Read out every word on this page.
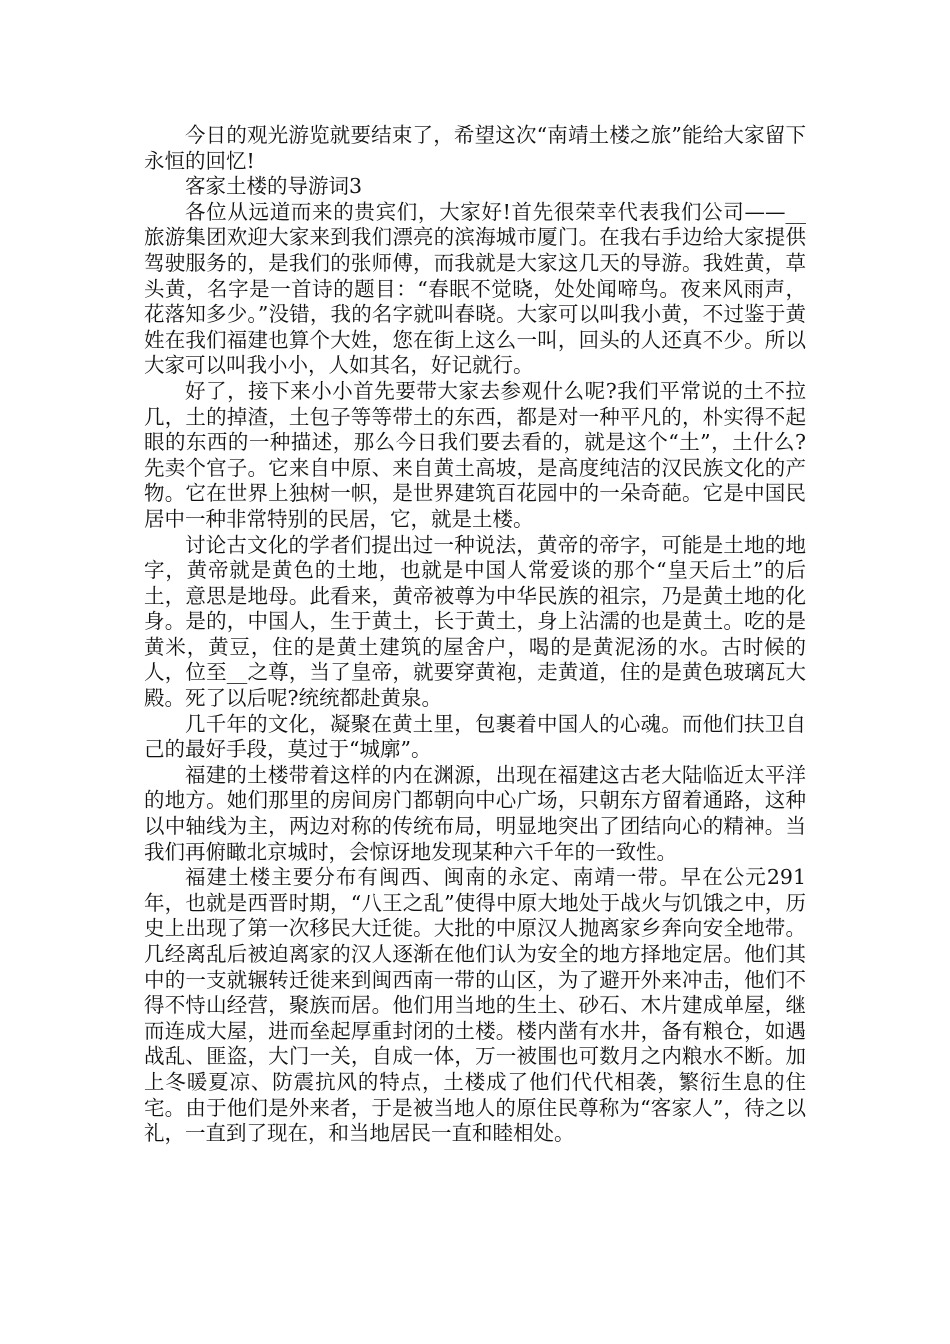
今日的观光游览就要结束了，希望这次“南靖土楼之旅”能给大家留下永恒的回忆!

客家土楼的导游词3

各位从远道而来的贵宾们，大家好!首先很荣幸代表我们公司——__旅游集团欢迎大家来到我们漂亮的滨海城市厦门。在我右手边给大家提供驾驶服务的，是我们的张师傅，而我就是大家这几天的导游。我姓黄，草头黄，名字是一首诗的题目：“春眠不觉晓，处处闻啼鸟。夜来风雨声，花落知多少。”没错，我的名字就叫春晓。大家可以叫我小黄，不过鉴于黄姓在我们福建也算个大姓，您在街上这么一叫，回头的人还真不少。所以大家可以叫我小小，人如其名，好记就行。

好了，接下来小小首先要带大家去参观什么呢?我们平常说的土不拉几，土的掉渣，土包子等等带土的东西，都是对一种平凡的，朴实得不起眼的东西的一种描述，那么今日我们要去看的，就是这个“土”，土什么?先卖个官子。它来自中原、来自黄土高坡，是高度纯洁的汉民族文化的产物。它在世界上独树一帜，是世界建筑百花园中的一朵奇葩。它是中国民居中一种非常特别的民居，它，就是土楼。

讨论古文化的学者们提出过一种说法，黄帝的帝字，可能是土地的地字，黄帝就是黄色的土地，也就是中国人常爱谈的那个“皇天后土”的后土，意思是地母。此看来，黄帝被尊为中华民族的祖宗，乃是黄土地的化身。是的，中国人，生于黄土，长于黄土，身上沾濡的也是黄土。吃的是黄米，黄豆，住的是黄土建筑的屋舍户，喝的是黄泥汤的水。古时候的人，位至__之尊，当了皇帝，就要穿黄袍，走黄道，住的是黄色玻璃瓦大殿。死了以后呢?统统都赴黄泉。

几千年的文化，凝聚在黄土里，包裹着中国人的心魂。而他们扶卫自己的最好手段，莫过于“城廓”。

福建的土楼带着这样的内在渊源，出现在福建这古老大陆临近太平洋的地方。她们那里的房间房门都朝向中心广场，只朝东方留着通路，这种以中轴线为主，两边对称的传统布局，明显地突出了团结向心的精神。当我们再俯瞰北京城时，会惊讶地发现某种六千年的一致性。

福建土楼主要分布有闽西、闽南的永定、南靖一带。早在公元291年，也就是西晋时期，“八王之乱”使得中原大地处于战火与饥饿之中，历史上出现了第一次移民大迁徙。大批的中原汉人抛离家乡奔向安全地带。几经离乱后被迫离家的汉人逐渐在他们认为安全的地方择地定居。他们其中的一支就辗转迁徙来到闽西南一带的山区，为了避开外来冲击，他们不得不恃山经营，聚族而居。他们用当地的生土、砂石、木片建成单屋，继而连成大屋，进而垒起厚重封闭的土楼。楼内凿有水井，备有粮仓，如遇战乱、匪盗，大门一关，自成一体，万一被围也可数月之内粮水不断。加上冬暖夏凉、防震抗风的特点，土楼成了他们代代相袭，繁衍生息的住宅。由于他们是外来者，于是被当地人的原住民尊称为“客家人”，待之以礼，一直到了现在，和当地居民一直和睦相处。
